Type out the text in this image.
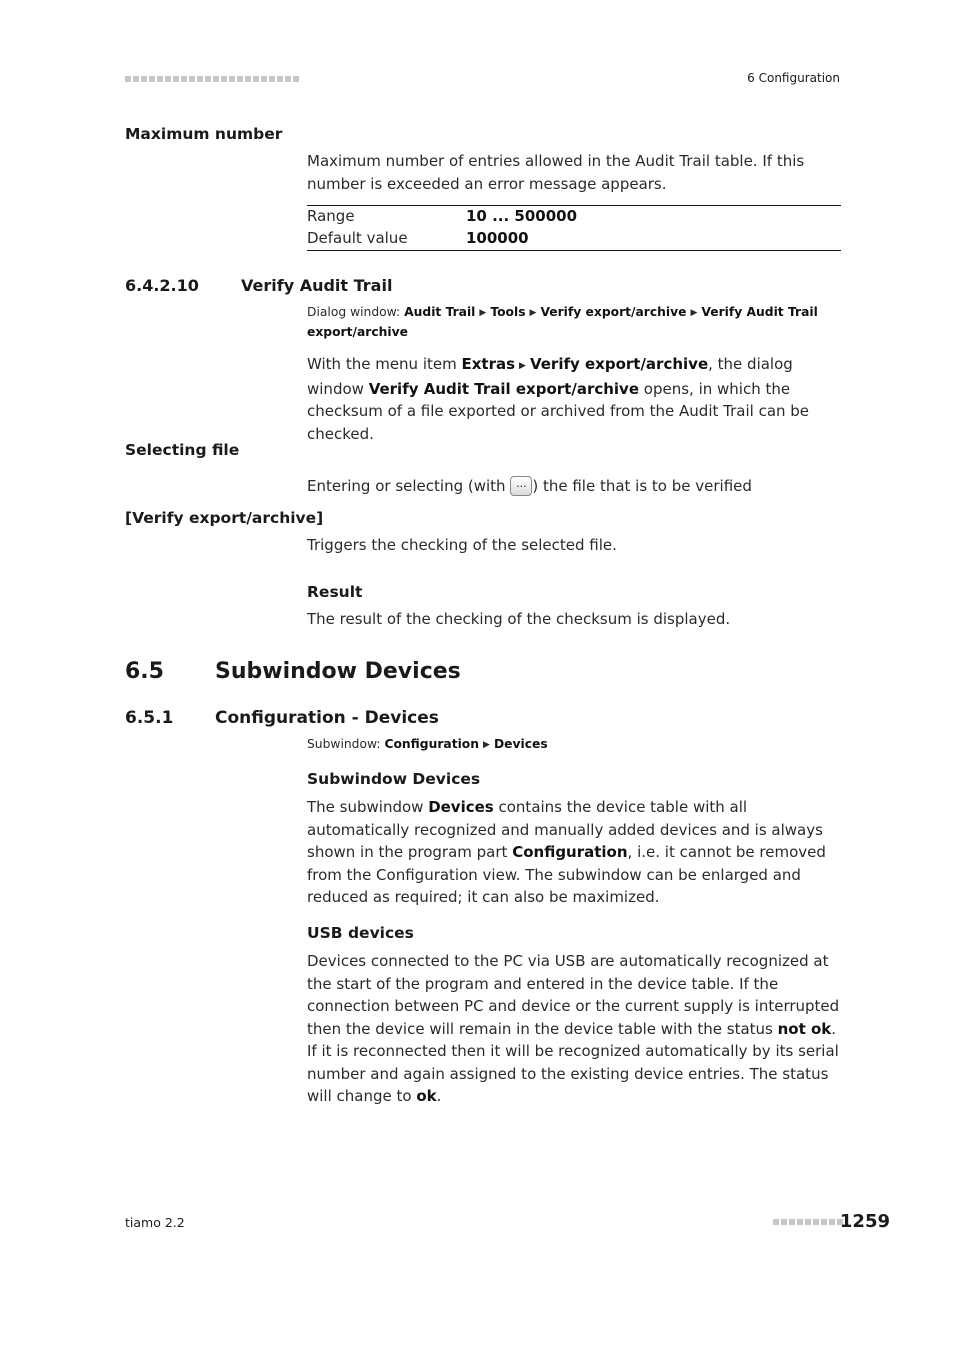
6 Configuration
Maximum number
Maximum number of entries allowed in the Audit Trail table. If this number is exceeded an error message appears.
Range	10 ... 500000
Default value	100000
6.4.2.10	Verify Audit Trail
Dialog window: Audit Trail ▶ Tools ▶ Verify export/archive ▶ Verify Audit Trail export/archive
With the menu item Extras ▶ Verify export/archive, the dialog window Verify Audit Trail export/archive opens, in which the checksum of a file exported or archived from the Audit Trail can be checked.
Selecting file
Entering or selecting (with ... ) the file that is to be verified
[Verify export/archive]
Triggers the checking of the selected file.
Result
The result of the checking of the checksum is displayed.
6.5 Subwindow Devices
6.5.1 Configuration - Devices
Subwindow: Configuration ▶ Devices
Subwindow Devices
The subwindow Devices contains the device table with all automatically recognized and manually added devices and is always shown in the program part Configuration, i.e. it cannot be removed from the Configuration view. The subwindow can be enlarged and reduced as required; it can also be maximized.
USB devices
Devices connected to the PC via USB are automatically recognized at the start of the program and entered in the device table. If the connection between PC and device or the current supply is interrupted then the device will remain in the device table with the status not ok. If it is reconnected then it will be recognized automatically by its serial number and again assigned to the existing device entries. The status will change to ok.
tiamo 2.2	1259
